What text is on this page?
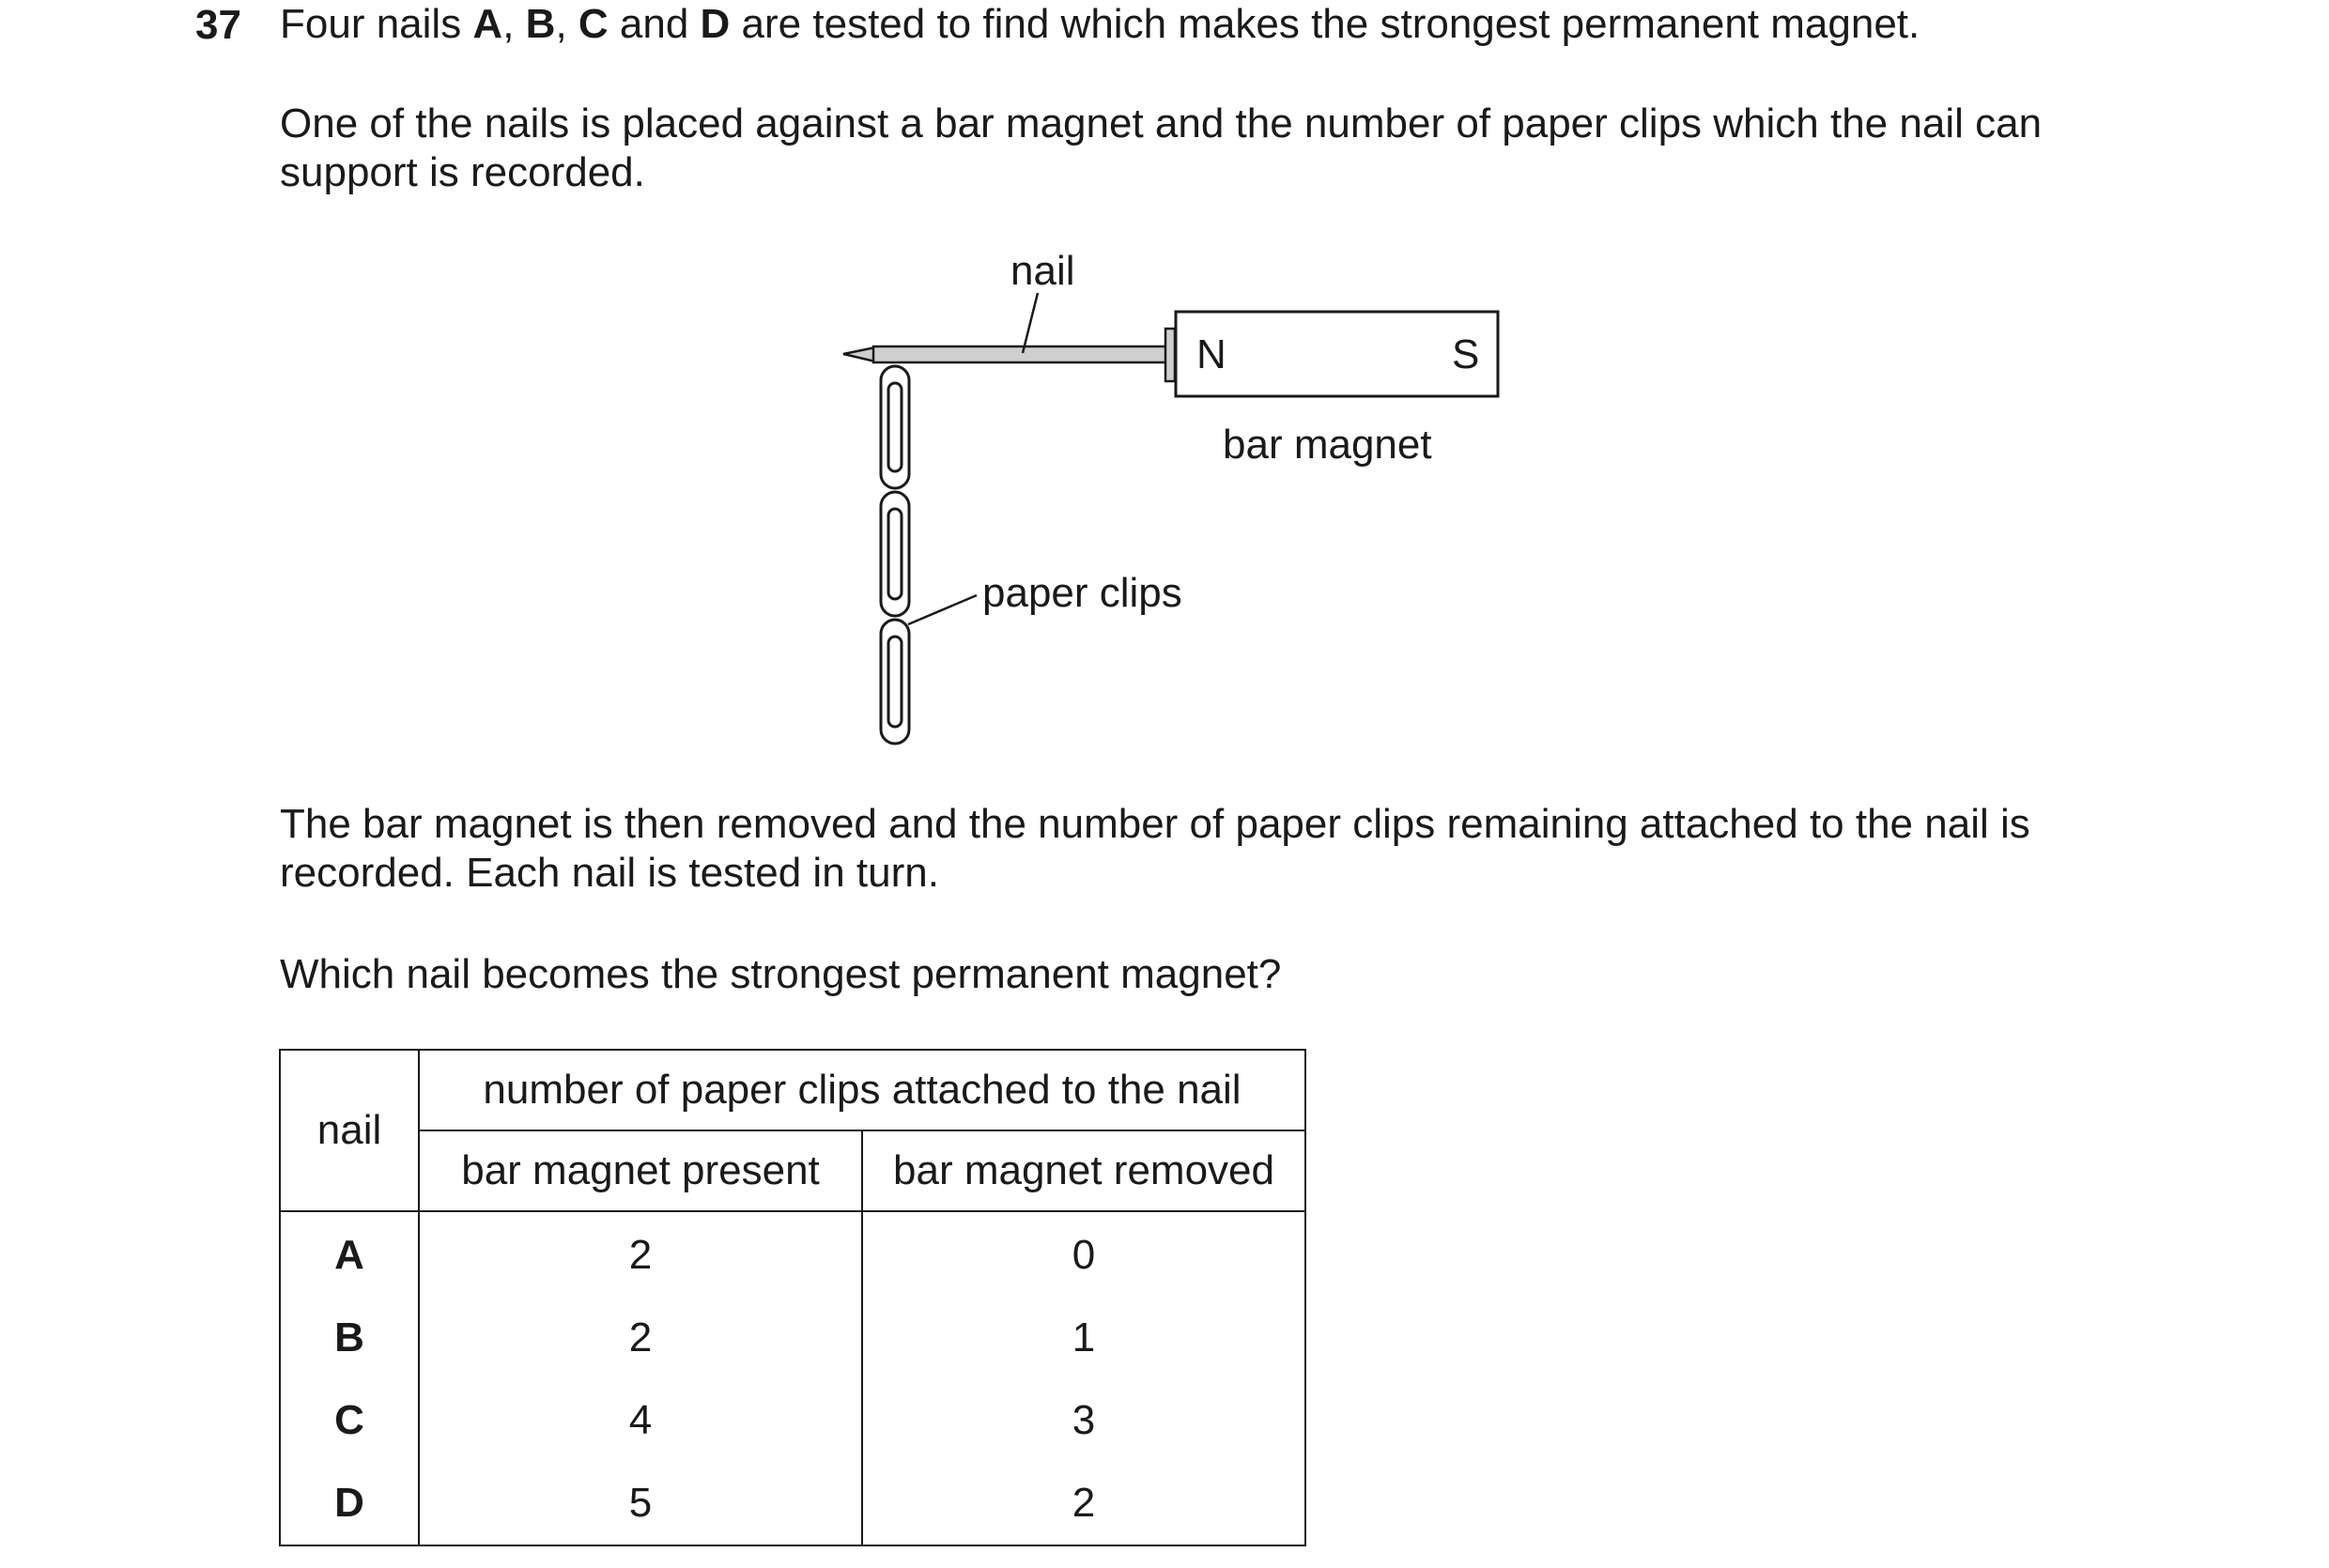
37 Four nails A, B, C and D are tested to find which makes the strongest permanent magnet.
One of the nails is placed against a bar magnet and the number of paper clips which the nail can support is recorded.
nail
N	S
bar magnet
paper clips
The bar magnet is then removed and the number of paper clips remaining attached to the nail is recorded. Each nail is tested in turn.
Which nail becomes the strongest permanent magnet?
nail	number of paper clips attached to the nail	
	bar magnet present	bar magnet removed
A	2	0
B	2	1
C	4	3
D	5	2
